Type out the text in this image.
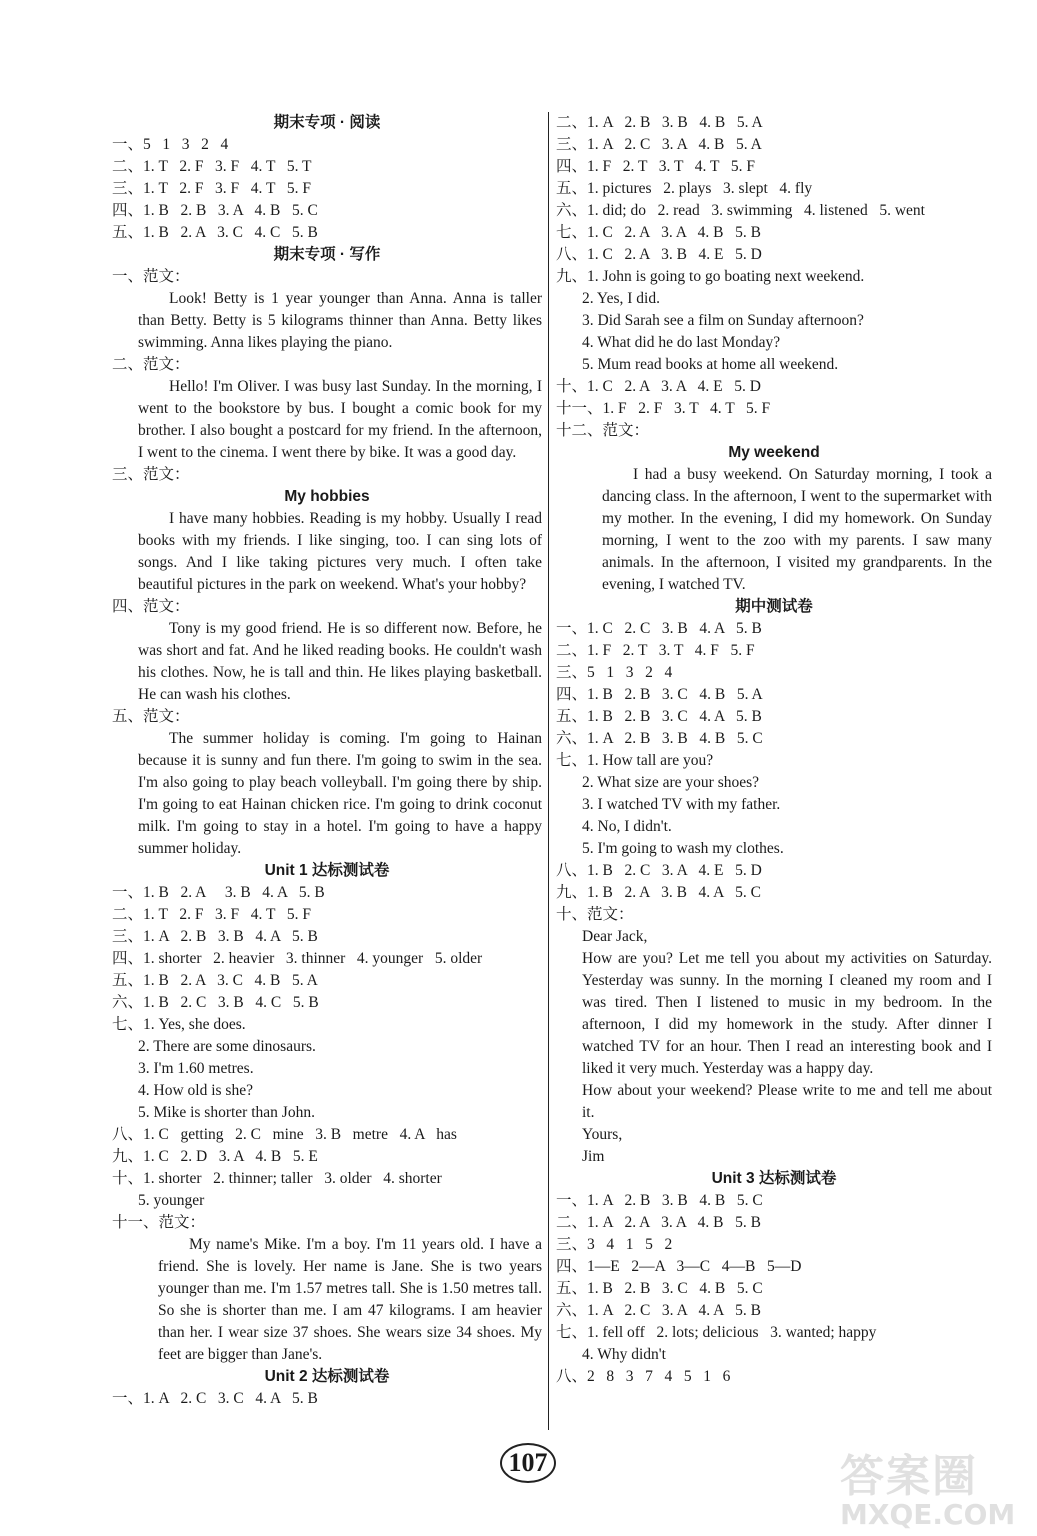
期末专项 · 阅读
一、5   1   3   2   4
二、1. T   2. F   3. F   4. T   5. T
三、1. T   2. F   3. F   4. T   5. F
四、1. B   2. B   3. A   4. B   5. C
五、1. B   2. A   3. C   4. C   5. B
期末专项 · 写作
一、范文：
Look! Betty is 1 year younger than Anna. Anna is taller than Betty. Betty is 5 kilograms thinner than Anna. Betty likes swimming. Anna likes playing the piano.
二、范文：
Hello! I'm Oliver. I was busy last Sunday. In the morning, I went to the bookstore by bus. I bought a comic book for my brother. I also bought a postcard for my friend. In the afternoon, I went to the cinema. I went there by bike. It was a good day.
三、范文：
My hobbies
I have many hobbies. Reading is my hobby. Usually I read books with my friends. I like singing, too. I can sing lots of songs. And I like taking pictures very much. I often take beautiful pictures in the park on weekend. What's your hobby?
四、范文：
Tony is my good friend. He is so different now. Before, he was short and fat. And he liked reading books. He couldn't wash his clothes. Now, he is tall and thin. He likes playing basketball. He can wash his clothes.
五、范文：
The summer holiday is coming. I'm going to Hainan because it is sunny and fun there. I'm going to swim in the sea. I'm also going to play beach volleyball. I'm going there by ship. I'm going to eat Hainan chicken rice. I'm going to drink coconut milk. I'm going to stay in a hotel. I'm going to have a happy summer holiday.
Unit 1 达标测试卷
一、1. B   2. A     3. B   4. A   5. B
二、1. T   2. F   3. F   4. T   5. F
三、1. A   2. B   3. B   4. A   5. B
四、1. shorter   2. heavier   3. thinner   4. younger   5. older
五、1. B   2. A   3. C   4. B   5. A
六、1. B   2. C   3. B   4. C   5. B
七、1. Yes, she does.
2. There are some dinosaurs.
3. I'm 1.60 metres.
4. How old is she?
5. Mike is shorter than John.
八、1. C   getting   2. C   mine   3. B   metre   4. A   has
九、1. C   2. D   3. A   4. B   5. E
十、1. shorter   2. thinner; taller   3. older   4. shorter
5. younger
十一、范文：
My name's Mike. I'm a boy. I'm 11 years old. I have a friend. She is lovely. Her name is Jane. She is two years younger than me. I'm 1.57 metres tall. She is 1.50 metres tall. So she is shorter than me. I am 47 kilograms. I am heavier than her. I wear size 37 shoes. She wears size 34 shoes. My feet are bigger than Jane's.
Unit 2 达标测试卷
一、1. A   2. C   3. C   4. A   5. B
二、1. A   2. B   3. B   4. B   5. A
三、1. A   2. C   3. A   4. B   5. A
四、1. F   2. T   3. T   4. T   5. F
五、1. pictures   2. plays   3. slept   4. fly
六、1. did; do   2. read   3. swimming   4. listened   5. went
七、1. C   2. A   3. A   4. B   5. B
八、1. C   2. A   3. B   4. E   5. D
九、1. John is going to go boating next weekend.
2. Yes, I did.
3. Did Sarah see a film on Sunday afternoon?
4. What did he do last Monday?
5. Mum read books at home all weekend.
十、1. C   2. A   3. A   4. E   5. D
十一、1. F   2. F   3. T   4. T   5. F
十二、范文：
My weekend
I had a busy weekend. On Saturday morning, I took a dancing class. In the afternoon, I went to the supermarket with my mother. In the evening, I did my homework. On Sunday morning, I went to the zoo with my parents. I saw many animals. In the afternoon, I visited my grandparents. In the evening, I watched TV.
期中测试卷
一、1. C   2. C   3. B   4. A   5. B
二、1. F   2. T   3. T   4. F   5. F
三、5   1   3   2   4
四、1. B   2. B   3. C   4. B   5. A
五、1. B   2. B   3. C   4. A   5. B
六、1. A   2. B   3. B   4. B   5. C
七、1. How tall are you?
2. What size are your shoes?
3. I watched TV with my father.
4. No, I didn't.
5. I'm going to wash my clothes.
八、1. B   2. C   3. A   4. E   5. D
九、1. B   2. A   3. B   4. A   5. C
十、范文：
Dear Jack,
How are you? Let me tell you about my activities on Saturday. Yesterday was sunny. In the morning I cleaned my room and I was tired. Then I listened to music in my bedroom. In the afternoon, I did my homework in the study. After dinner I watched TV for an hour. Then I read an interesting book and I liked it very much. Yesterday was a happy day.
How about your weekend? Please write to me and tell me about it.
Yours,
Jim
Unit 3 达标测试卷
一、1. A   2. B   3. B   4. B   5. C
二、1. A   2. A   3. A   4. B   5. B
三、3   4   1   5   2
四、1—E   2—A   3—C   4—B   5—D
五、1. B   2. B   3. C   4. B   5. C
六、1. A   2. C   3. A   4. A   5. B
七、1. fell off   2. lots; delicious   3. wanted; happy
4. Why didn't
八、2   8   3   7   4   5   1   6
107	答案圈
MXQE.COM
